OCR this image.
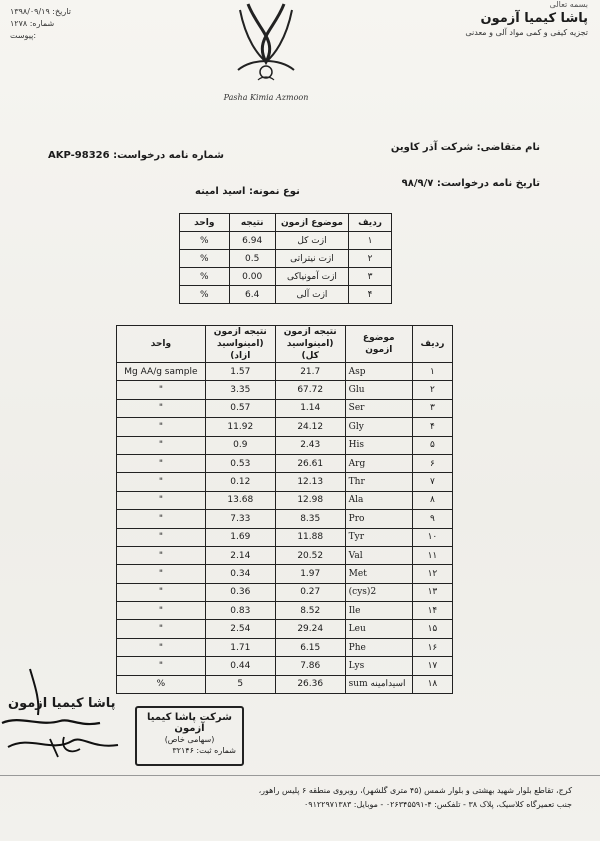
تاریخ: ۱۳۹۸/۰۹/۱۹
شماره: ۱۲۷۸
پیوست:
Pasha Kimia Azmoon
بسمه تعالی
پاشا کیمیا آزمون
تجزیه کیفی و کمی مواد آلی و معدنی
نام متقاضی: شرکت آذر کاوین
تاریخ نامه درخواست: ۹۸/۹/۷
شماره نامه درخواست: AKP-98326
نوع نمونه: اسید امینه
ردیف	موضوع ازمون	نتیجه	واحد
۱	ازت کل	6.94	%
۲	ازت نیتراتی	0.5	%
۳	ازت آمونیاکی	0.00	%
۴	ازت آلی	6.4	%
ردیف	موضوع ازمون	نتیجه ازمون (امینواسید کل)	نتیجه ازمون (امینواسید ازاد)	واحد
۱	Asp	21.7	1.57	Mg AA/g sample
۲	Glu	67.72	3.35	"
۳	Ser	1.14	0.57	"
۴	Gly	24.12	11.92	"
۵	His	2.43	0.9	"
۶	Arg	26.61	0.53	"
۷	Thr	12.13	0.12	"
۸	Ala	12.98	13.68	"
۹	Pro	8.35	7.33	"
۱۰	Tyr	11.88	1.69	"
۱۱	Val	20.52	2.14	"
۱۲	Met	1.97	0.34	"
۱۳	(cys)2	0.27	0.36	"
۱۴	Ile	8.52	0.83	"
۱۵	Leu	29.24	2.54	"
۱۶	Phe	6.15	1.71	"
۱۷	Lys	7.86	0.44	"
۱۸	sum اسیدامینه	26.36	5	%
پاشا کیمیا ازمون
شرکت پاشا کیمیا آزمون
(سهامی خاص)
شماره ثبت: ۳۲۱۴۶
کرج، تقاطع بلوار شهید بهشتی و بلوار شمس (۴۵ متری گلشهر)، روبروی منطقه ۶ پلیس راهور،
جنب تعمیرگاه کلاسیک، پلاک ۳۸ - تلفکس: ۴-۰۲۶۳۴۵۵۹۱ - موبایل: ۰۹۱۲۲۹۷۱۳۸۳
